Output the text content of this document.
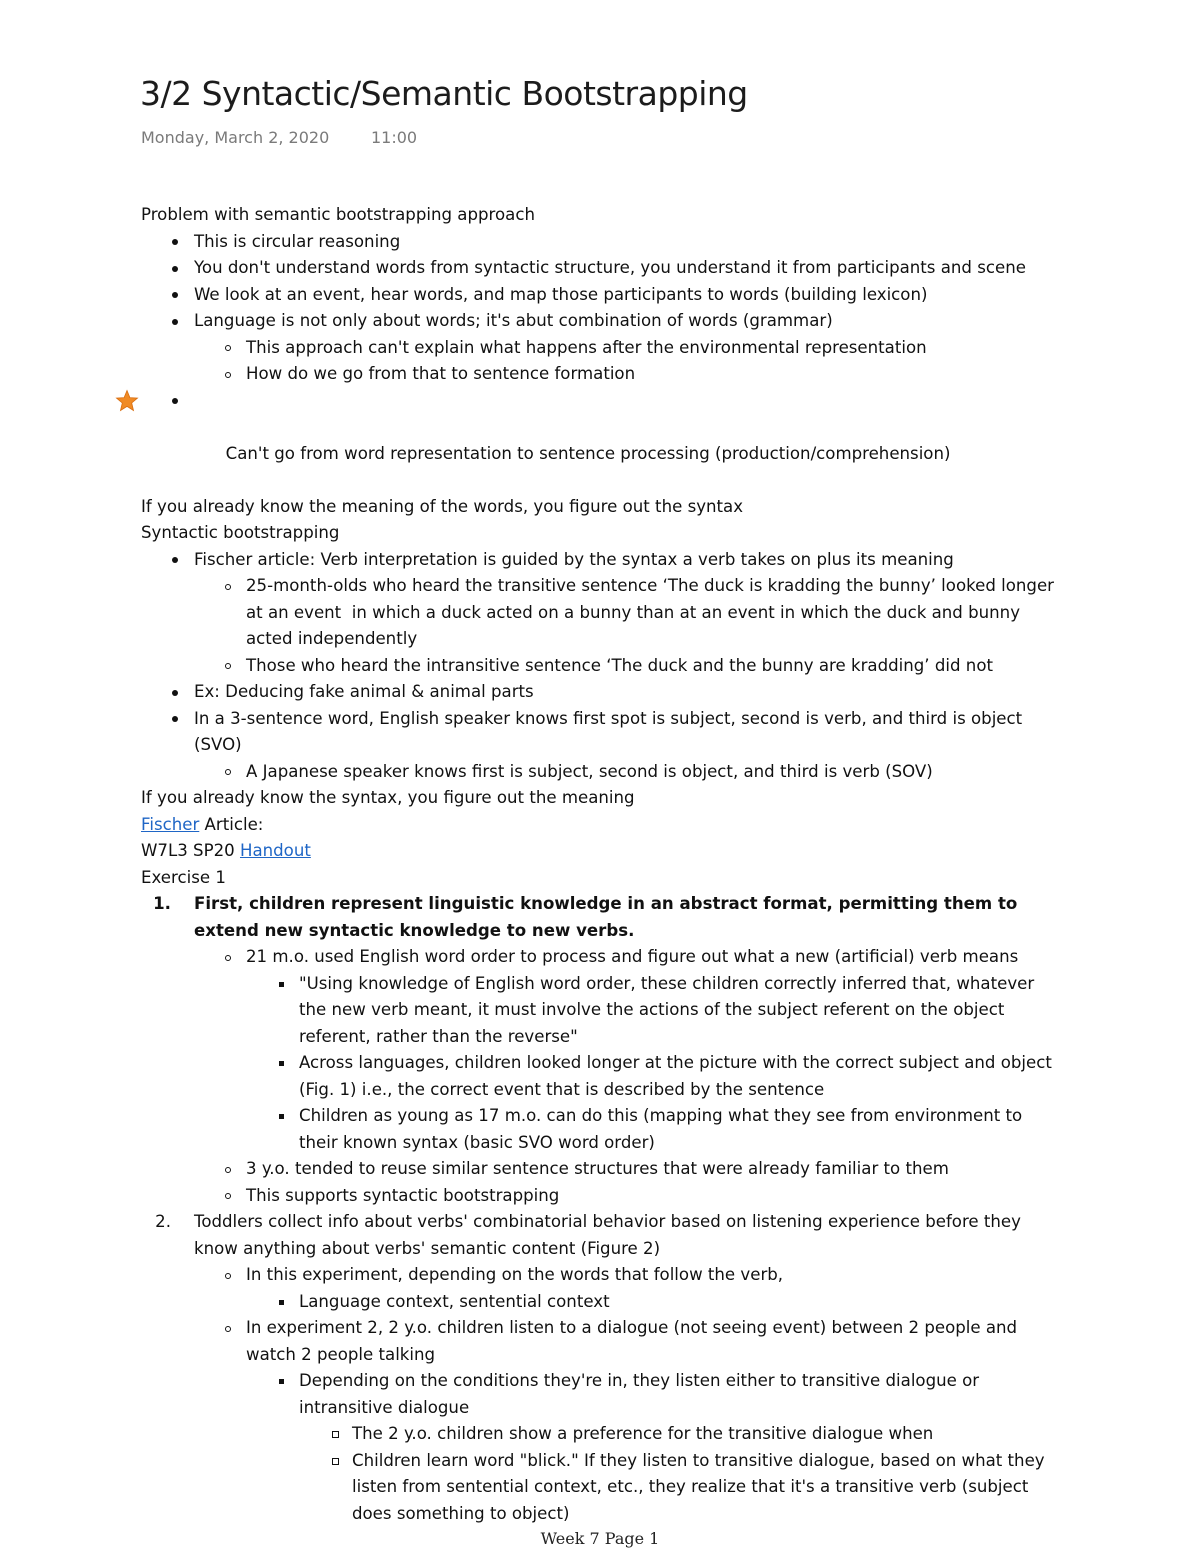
3/2 Syntactic/Semantic Bootstrapping
Monday, March 2, 2020	11:00
Problem with semantic bootstrapping approach
This is circular reasoning
You don't understand words from syntactic structure, you understand it from participants and scene
We look at an event, hear words, and map those participants to words (building lexicon)
Language is not only about words; it's abut combination of words (grammar)
This approach can't explain what happens after the environmental representation
How do we go from that to sentence formation

Can't go from word representation to sentence processing (production/comprehension)

If you already know the meaning of the words, you figure out the syntax
Syntactic bootstrapping
Fischer article: Verb interpretation is guided by the syntax a verb takes on plus its meaning
25-month-olds who heard the transitive sentence ‘The duck is kradding the bunny’ looked longer at an event  in which a duck acted on a bunny than at an event in which the duck and bunny acted independently
Those who heard the intransitive sentence ‘The duck and the bunny are kradding’ did not
Ex: Deducing fake animal & animal parts
In a 3-sentence word, English speaker knows first spot is subject, second is verb, and third is object (SVO)
A Japanese speaker knows first is subject, second is object, and third is verb (SOV)
If you already know the syntax, you figure out the meaning
Fischer Article:
W7L3 SP20 Handout
Exercise 1
1. First, children represent linguistic knowledge in an abstract format, permitting them to extend new syntactic knowledge to new verbs.
21 m.o. used English word order to process and figure out what a new (artificial) verb means
"Using knowledge of English word order, these children correctly inferred that, whatever the new verb meant, it must involve the actions of the subject referent on the object referent, rather than the reverse"
Across languages, children looked longer at the picture with the correct subject and object (Fig. 1) i.e., the correct event that is described by the sentence
Children as young as 17 m.o. can do this (mapping what they see from environment to their known syntax (basic SVO word order)
3 y.o. tended to reuse similar sentence structures that were already familiar to them
This supports syntactic bootstrapping
2. Toddlers collect info about verbs' combinatorial behavior based on listening experience before they know anything about verbs' semantic content (Figure 2)
In this experiment, depending on the words that follow the verb,
Language context, sentential context
In experiment 2, 2 y.o. children listen to a dialogue (not seeing event) between 2 people and watch 2 people talking
Depending on the conditions they're in, they listen either to transitive dialogue or intransitive dialogue
The 2 y.o. children show a preference for the transitive dialogue when
Children learn word "blick." If they listen to transitive dialogue, based on what they listen from sentential context, etc., they realize that it's a transitive verb (subject does something to object)
Week 7 Page 1
